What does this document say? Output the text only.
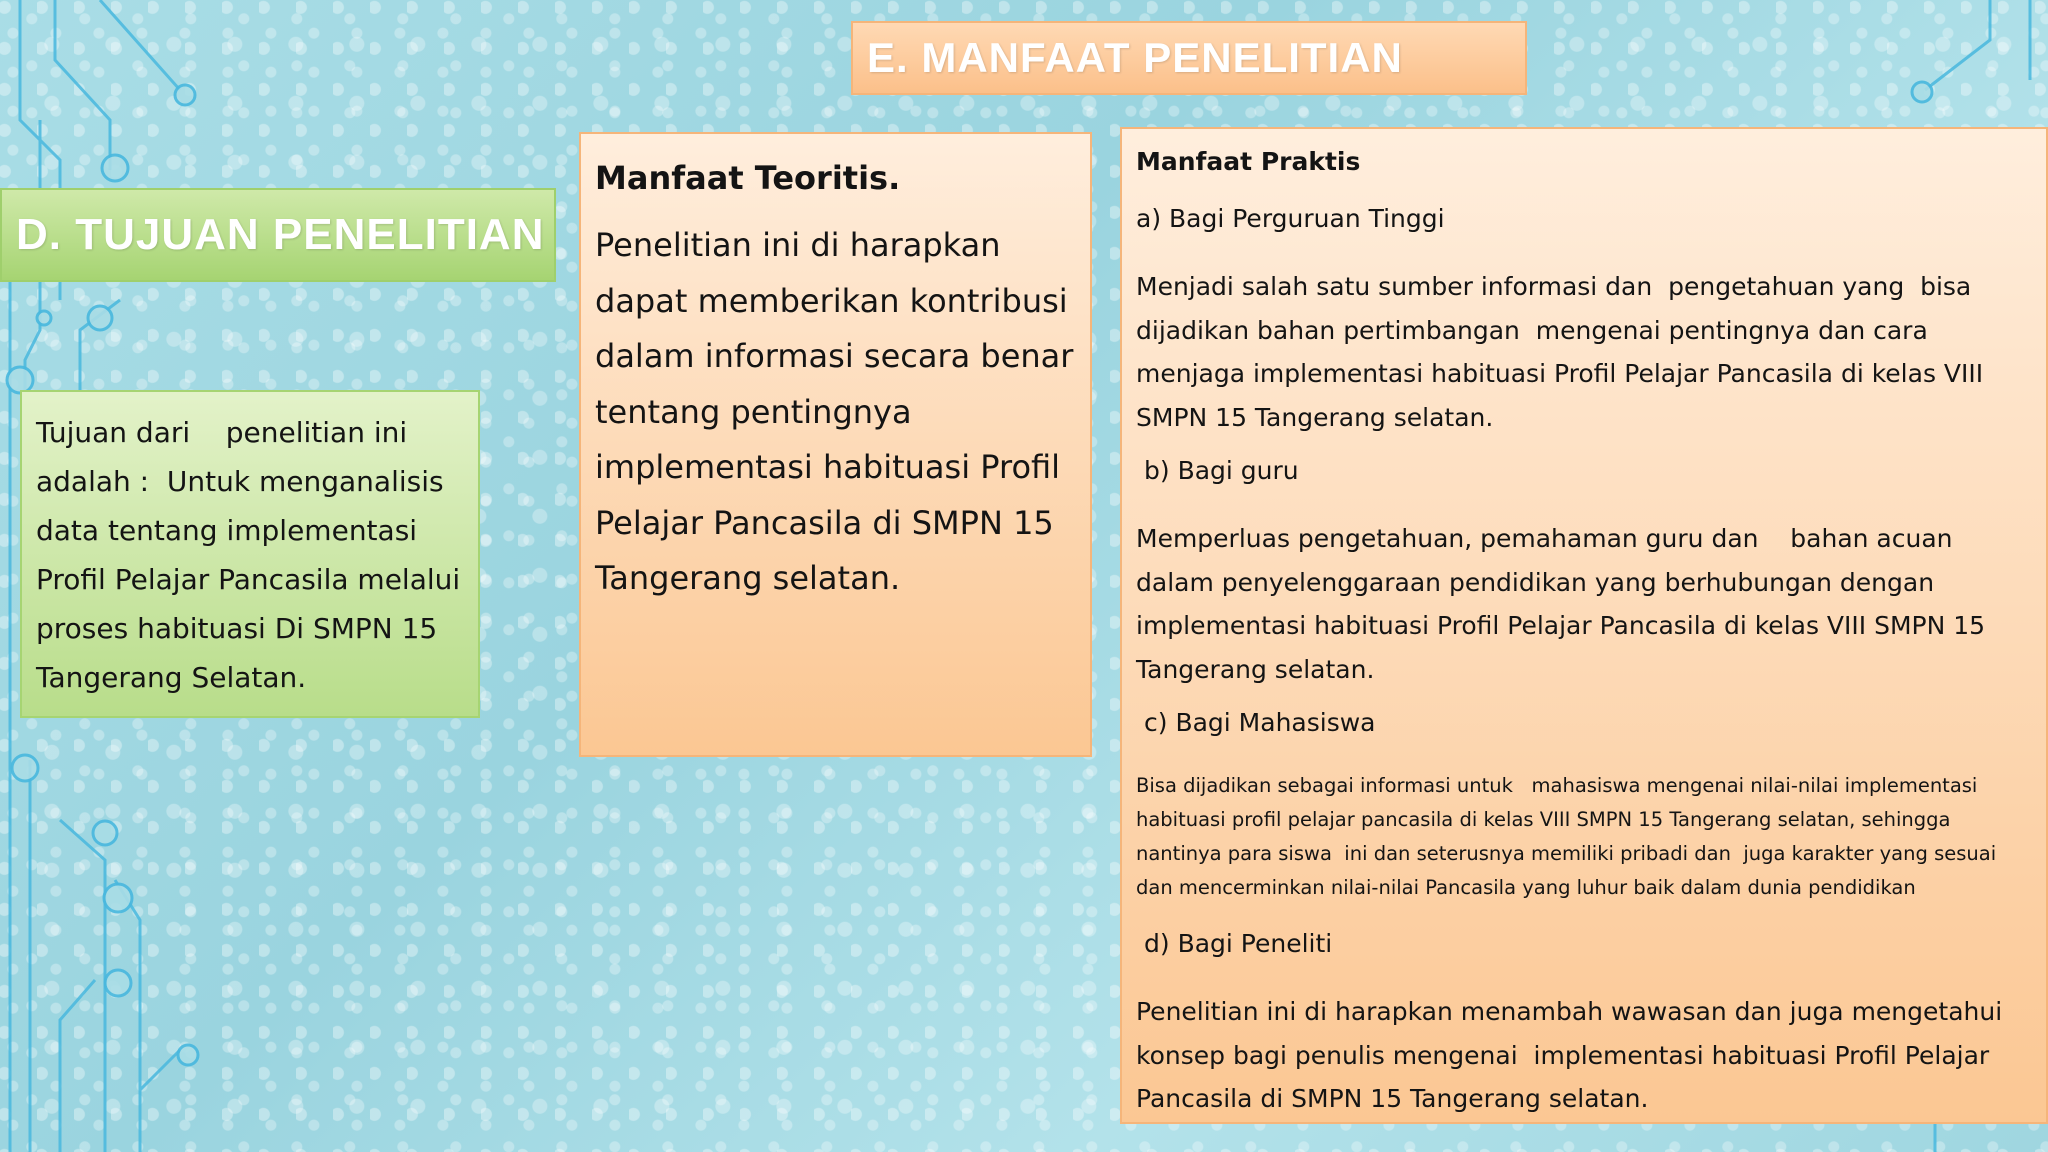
E. MANFAAT PENELITIAN
D. TUJUAN PENELITIAN
Tujuan dari    penelitian ini adalah :  Untuk menganalisis data tentang implementasi Profil Pelajar Pancasila melalui proses habituasi Di SMPN 15 Tangerang Selatan.
Manfaat Teoritis.
Penelitian ini di harapkan dapat memberikan kontribusi dalam informasi secara benar tentang pentingnya implementasi habituasi Profil Pelajar Pancasila di SMPN 15 Tangerang selatan.
Manfaat Praktis
a) Bagi Perguruan Tinggi
Menjadi salah satu sumber informasi dan  pengetahuan yang  bisa dijadikan bahan pertimbangan  mengenai pentingnya dan cara menjaga implementasi habituasi Profil Pelajar Pancasila di kelas VIII SMPN 15 Tangerang selatan.
b) Bagi guru
Memperluas pengetahuan, pemahaman guru dan    bahan acuan dalam penyelenggaraan pendidikan yang berhubungan dengan implementasi habituasi Profil Pelajar Pancasila di kelas VIII SMPN 15 Tangerang selatan.
c) Bagi Mahasiswa
Bisa dijadikan sebagai informasi untuk   mahasiswa mengenai nilai-nilai implementasi habituasi profil pelajar pancasila di kelas VIII SMPN 15 Tangerang selatan, sehingga nantinya para siswa  ini dan seterusnya memiliki pribadi dan  juga karakter yang sesuai dan mencerminkan nilai-nilai Pancasila yang luhur baik dalam dunia pendidikan
d) Bagi Peneliti
Penelitian ini di harapkan menambah wawasan dan juga mengetahui konsep bagi penulis mengenai  implementasi habituasi Profil Pelajar Pancasila di SMPN 15 Tangerang selatan.
